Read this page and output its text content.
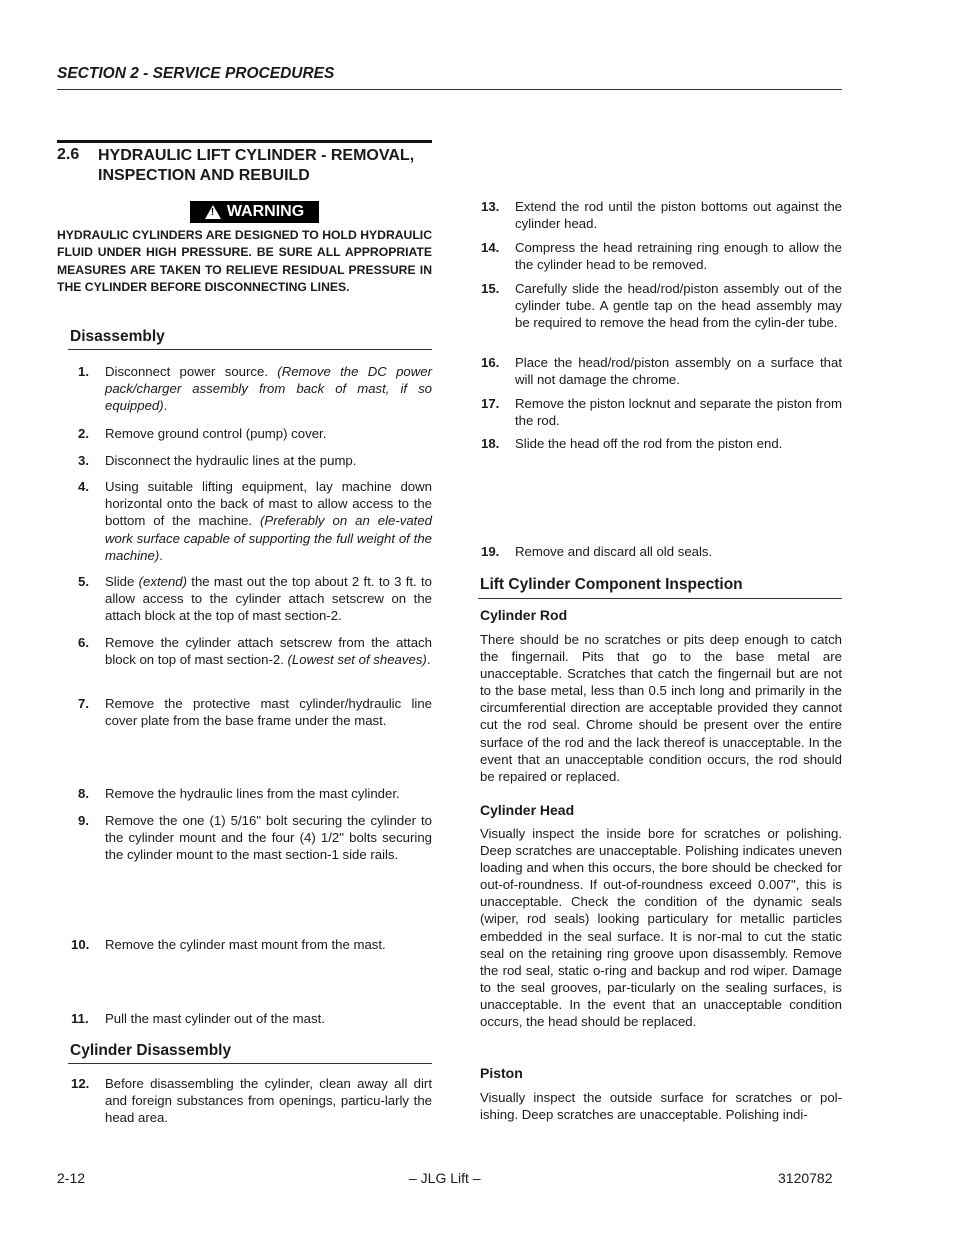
SECTION 2 - SERVICE PROCEDURES
2.6 HYDRAULIC LIFT CYLINDER - REMOVAL, INSPECTION AND REBUILD
! WARNING
HYDRAULIC CYLINDERS ARE DESIGNED TO HOLD HYDRAULIC FLUID UNDER HIGH PRESSURE. BE SURE ALL APPROPRIATE MEASURES ARE TAKEN TO RELIEVE RESIDUAL PRESSURE IN THE CYLINDER BEFORE DISCONNECTING LINES.
Disassembly
1. Disconnect power source. (Remove the DC power pack/charger assembly from back of mast, if so equipped).
2. Remove ground control (pump) cover.
3. Disconnect the hydraulic lines at the pump.
4. Using suitable lifting equipment, lay machine down horizontal onto the back of mast to allow access to the bottom of the machine. (Preferably on an ele-vated work surface capable of supporting the full weight of the machine).
5. Slide (extend) the mast out the top about 2 ft. to 3 ft. to allow access to the cylinder attach setscrew on the attach block at the top of mast section-2.
6. Remove the cylinder attach setscrew from the attach block on top of mast section-2. (Lowest set of sheaves).
7. Remove the protective mast cylinder/hydraulic line cover plate from the base frame under the mast.
8. Remove the hydraulic lines from the mast cylinder.
9. Remove the one (1) 5/16" bolt securing the cylinder to the cylinder mount and the four (4) 1/2" bolts securing the cylinder mount to the mast section-1 side rails.
10. Remove the cylinder mast mount from the mast.
11. Pull the mast cylinder out of the mast.
Cylinder Disassembly
12. Before disassembling the cylinder, clean away all dirt and foreign substances from openings, particu-larly the head area.
13. Extend the rod until the piston bottoms out against the cylinder head.
14. Compress the head retraining ring enough to allow the the cylinder head to be removed.
15. Carefully slide the head/rod/piston assembly out of the cylinder tube. A gentle tap on the head assembly may be required to remove the head from the cylin-der tube.
16. Place the head/rod/piston assembly on a surface that will not damage the chrome.
17. Remove the piston locknut and separate the piston from the rod.
18. Slide the head off the rod from the piston end.
19. Remove and discard all old seals.
Lift Cylinder Component Inspection
Cylinder Rod
There should be no scratches or pits deep enough to catch the fingernail. Pits that go to the base metal are unacceptable. Scratches that catch the fingernail but are not to the base metal, less than 0.5 inch long and primarily in the circumferential direction are acceptable provided they cannot cut the rod seal. Chrome should be present over the entire surface of the rod and the lack thereof is unacceptable. In the event that an unacceptable condition occurs, the rod should be repaired or replaced.
Cylinder Head
Visually inspect the inside bore for scratches or polishing. Deep scratches are unacceptable. Polishing indicates uneven loading and when this occurs, the bore should be checked for out-of-roundness. If out-of-roundness exceed 0.007", this is unacceptable. Check the condition of the dynamic seals (wiper, rod seals) looking particulary for metallic particles embedded in the seal surface. It is nor-mal to cut the static seal on the retaining ring groove upon disassembly. Remove the rod seal, static o-ring and backup and rod wiper. Damage to the seal grooves, par-ticularly on the sealing surfaces, is unacceptable. In the event that an unacceptable condition occurs, the head should be replaced.
Piston
Visually inspect the outside surface for scratches or pol-ishing. Deep scratches are unacceptable. Polishing indi-
2-12	– JLG Lift –	3120782
